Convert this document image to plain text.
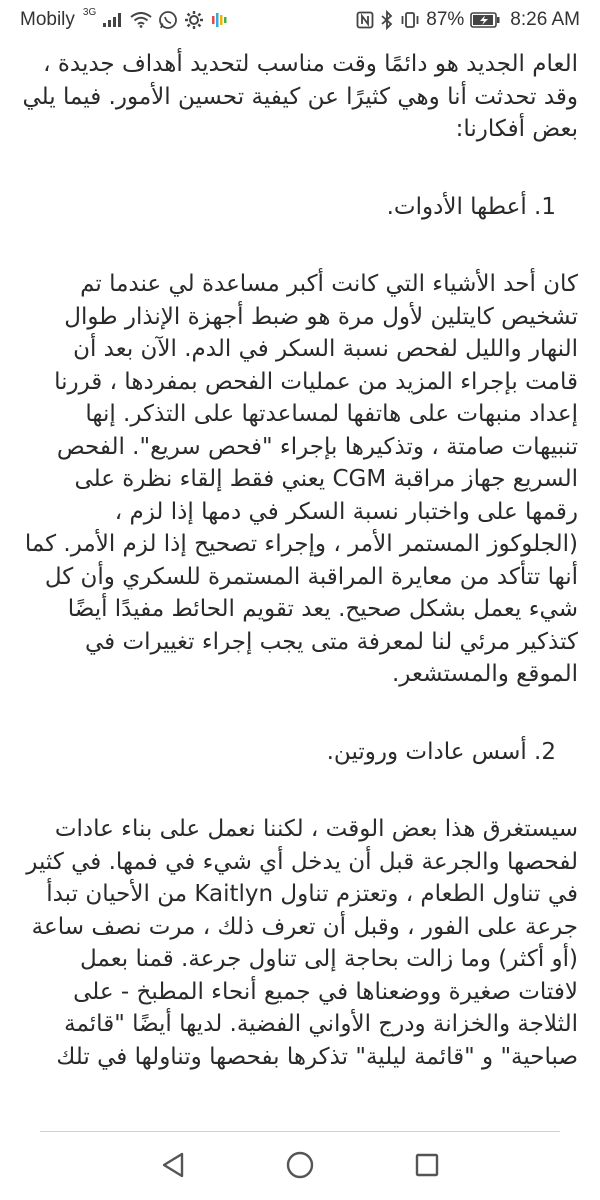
Mobily 3G	87% 8:26 AM

العام الجديد هو دائمًا وقت مناسب لتحديد أهداف جديدة ، وقد تحدثت أنا وهي كثيرًا عن كيفية تحسين الأمور. فيما يلي بعض أفكارنا:

1. أعطها الأدوات.

كان أحد الأشياء التي كانت أكبر مساعدة لي عندما تم تشخيص كايتلين لأول مرة هو ضبط أجهزة الإنذار طوال النهار والليل لفحص نسبة السكر في الدم. الآن بعد أن قامت بإجراء المزيد من عمليات الفحص بمفردها ، قررنا إعداد منبهات على هاتفها لمساعدتها على التذكر. إنها تنبيهات صامتة ، وتذكيرها بإجراء "فحص سريع". الفحص السريع جهاز مراقبة CGM يعني فقط إلقاء نظرة على رقمها على واختبار نسبة السكر في دمها إذا لزم ، (الجلوكوز المستمر الأمر ، وإجراء تصحيح إذا لزم الأمر. كما أنها تتأكد من معايرة المراقبة المستمرة للسكري وأن كل شيء يعمل بشكل صحيح. يعد تقويم الحائط مفيدًا أيضًا كتذكير مرئي لنا لمعرفة متى يجب إجراء تغييرات في الموقع والمستشعر.

2. أسس عادات وروتين.

سيستغرق هذا بعض الوقت ، لكننا نعمل على بناء عادات لفحصها والجرعة قبل أن يدخل أي شيء في فمها. في كثير في تناول الطعام ، وتعتزم تناول Kaitlyn من الأحيان تبدأ جرعة على الفور ، وقبل أن تعرف ذلك ، مرت نصف ساعة (أو أكثر) وما زالت بحاجة إلى تناول جرعة. قمنا بعمل لافتات صغيرة ووضعناها في جميع أنحاء المطبخ - على الثلاجة والخزانة ودرج الأواني الفضية. لديها أيضًا "قائمة صباحية" و "قائمة ليلية" تذكرها بفحصها وتناولها في تلك
